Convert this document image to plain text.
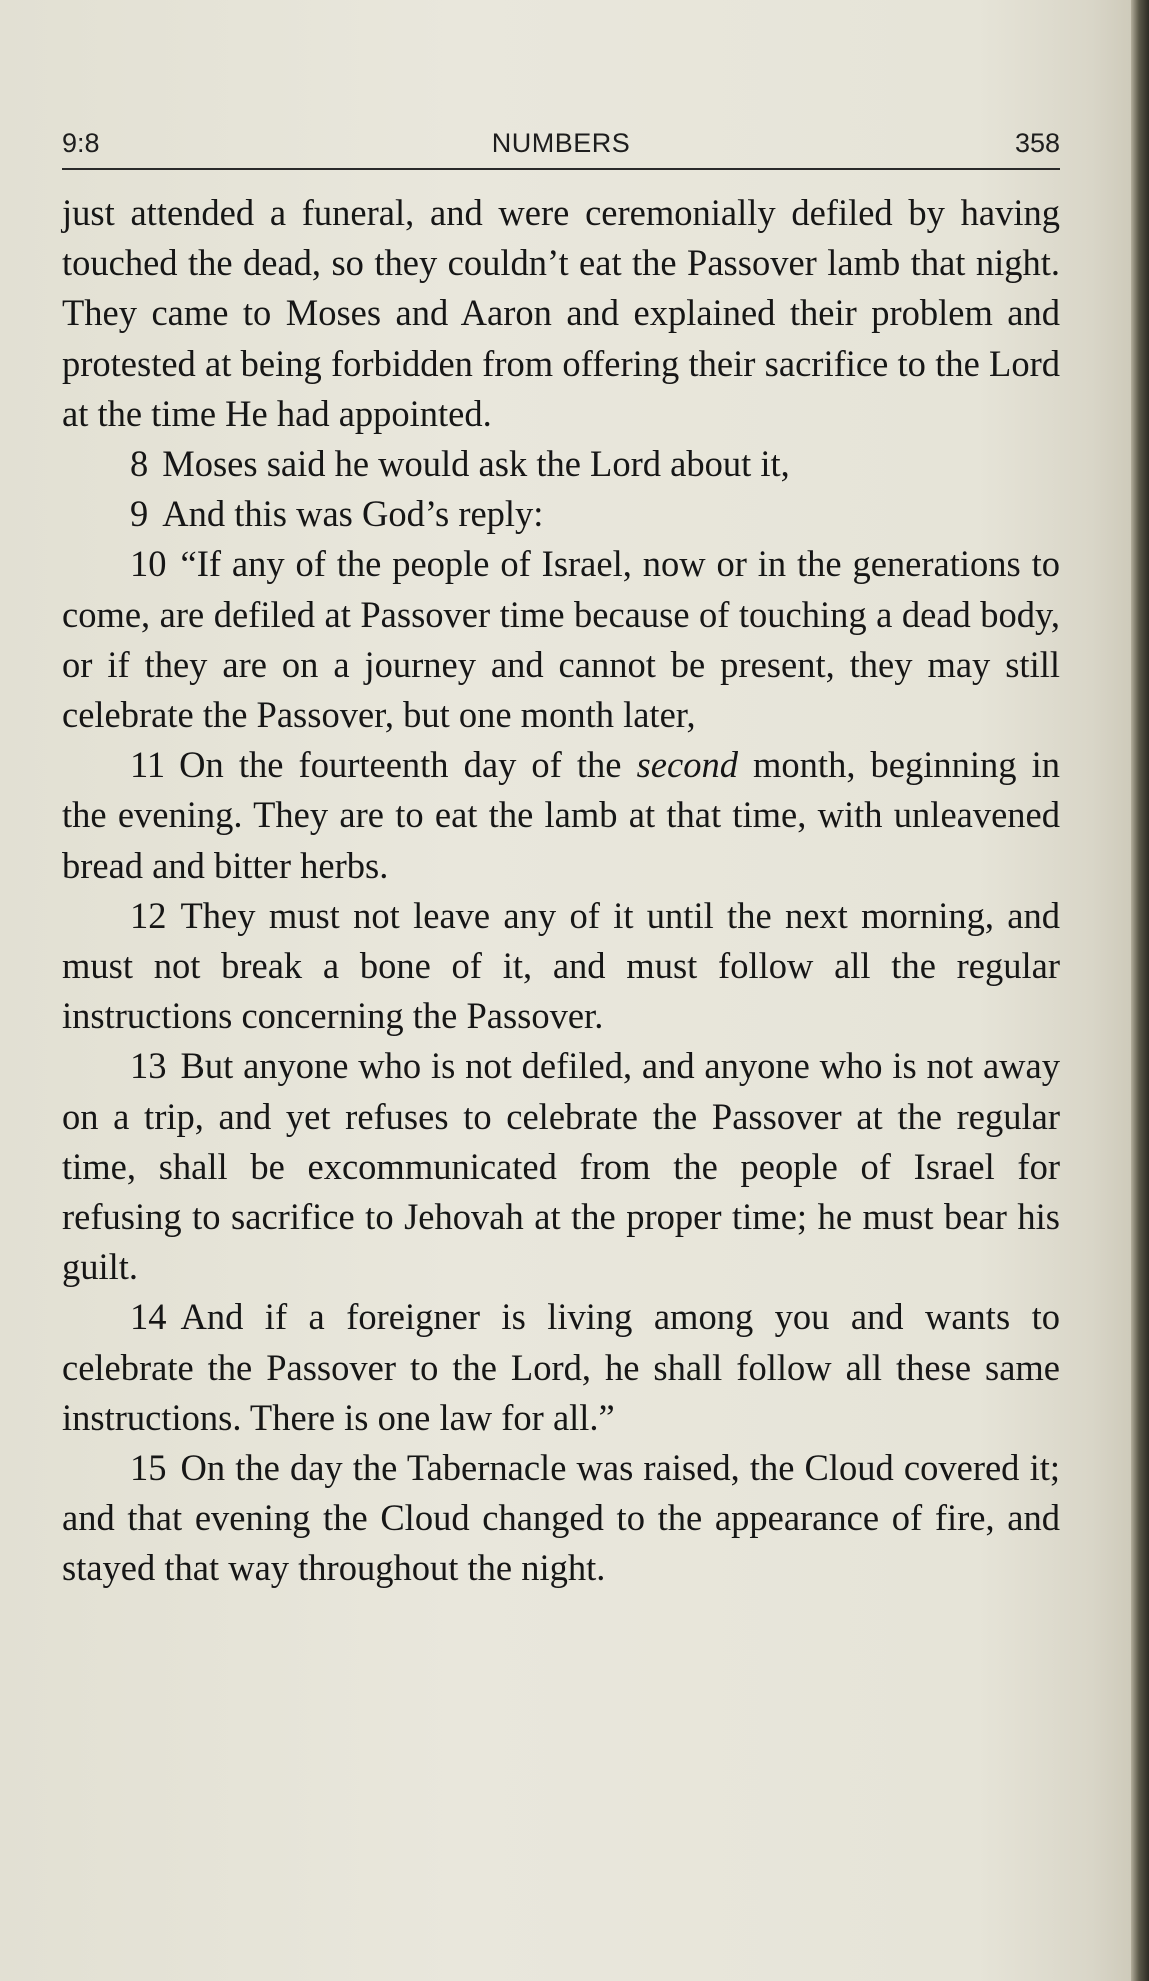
NUMBERS
9:8	358

just attended a funeral, and were ceremonially defiled by having touched the dead, so they couldn’t eat the Passover lamb that night. They came to Moses and Aaron and explained their problem and protested at being forbidden from offering their sacrifice to the Lord at the time He had appointed.

8 Moses said he would ask the Lord about it,

9 And this was God’s reply:

10 “If any of the people of Israel, now or in the generations to come, are defiled at Passover time because of touching a dead body, or if they are on a journey and cannot be present, they may still celebrate the Passover, but one month later,

11 On the fourteenth day of the second month, beginning in the evening. They are to eat the lamb at that time, with unleavened bread and bitter herbs.

12 They must not leave any of it until the next morning, and must not break a bone of it, and must follow all the regular instructions concerning the Passover.

13 But anyone who is not defiled, and anyone who is not away on a trip, and yet refuses to celebrate the Passover at the regular time, shall be excommunicated from the people of Israel for refusing to sacrifice to Jehovah at the proper time; he must bear his guilt.

14 And if a foreigner is living among you and wants to celebrate the Passover to the Lord, he shall follow all these same instructions. There is one law for all.”

15 On the day the Tabernacle was raised, the Cloud covered it; and that evening the Cloud changed to the appearance of fire, and stayed that way throughout the night.
